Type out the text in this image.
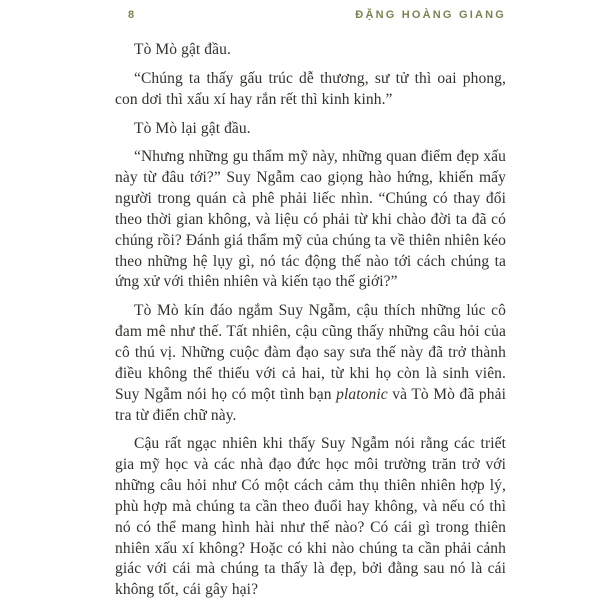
8	ĐẶNG HOÀNG GIANG

Tò Mò gật đầu.

“Chúng ta thấy gấu trúc dễ thương, sư tử thì oai phong, con dơi thì xấu xí hay rắn rết thì kinh kinh.”

Tò Mò lại gật đầu.

“Nhưng những gu thẩm mỹ này, những quan điểm đẹp xấu này từ đâu tới?” Suy Ngẫm cao giọng hào hứng, khiến mấy người trong quán cà phê phải liếc nhìn. “Chúng có thay đổi theo thời gian không, và liệu có phải từ khi chào đời ta đã có chúng rồi? Đánh giá thẩm mỹ của chúng ta về thiên nhiên kéo theo những hệ lụy gì, nó tác động thế nào tới cách chúng ta ứng xử với thiên nhiên và kiến tạo thế giới?”

Tò Mò kín đáo ngắm Suy Ngẫm, cậu thích những lúc cô đam mê như thế. Tất nhiên, cậu cũng thấy những câu hỏi của cô thú vị. Những cuộc đàm đạo say sưa thế này đã trở thành điều không thể thiếu với cả hai, từ khi họ còn là sinh viên. Suy Ngẫm nói họ có một tình bạn platonic và Tò Mò đã phải tra từ điển chữ này.

Cậu rất ngạc nhiên khi thấy Suy Ngẫm nói rằng các triết gia mỹ học và các nhà đạo đức học môi trường trăn trở với những câu hỏi như Có một cách cảm thụ thiên nhiên hợp lý, phù hợp mà chúng ta cần theo đuổi hay không, và nếu có thì nó có thể mang hình hài như thế nào? Có cái gì trong thiên nhiên xấu xí không? Hoặc có khi nào chúng ta cần phải cảnh giác với cái mà chúng ta thấy là đẹp, bởi đằng sau nó là cái không tốt, cái gây hại?
